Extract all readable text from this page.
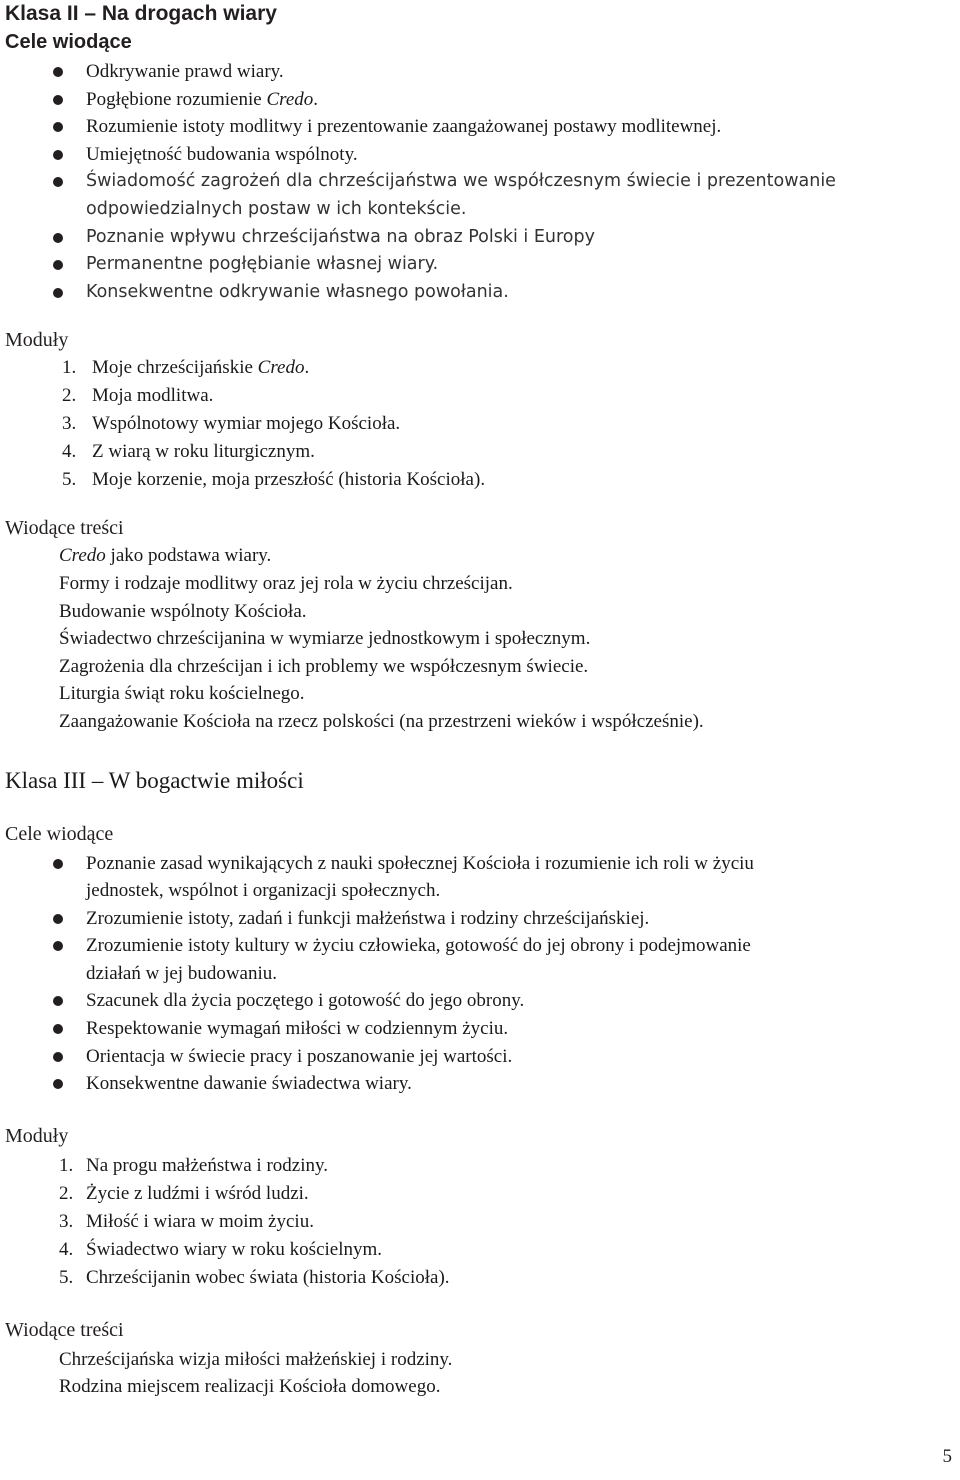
Klasa II – Na drogach wiary
Cele wiodące
Odkrywanie prawd wiary.
Pogłębione rozumienie Credo.
Rozumienie istoty modlitwy i prezentowanie zaangażowanej postawy modlitewnej.
Umiejętność budowania wspólnoty.
Świadomość zagrożeń dla chrześcijaństwa we współczesnym świecie i prezentowanie
odpowiedzialnych postaw w ich kontekście.
Poznanie wpływu chrześcijaństwa na obraz Polski i Europy
Permanentne pogłębianie własnej wiary.
Konsekwentne odkrywanie własnego powołania.
Moduły
1. Moje chrześcijańskie Credo.
2. Moja modlitwa.
3. Wspólnotowy wymiar mojego Kościoła.
4. Z wiarą w roku liturgicznym.
5. Moje korzenie, moja przeszłość (historia Kościoła).
Wiodące treści
Credo jako podstawa wiary.
Formy i rodzaje modlitwy oraz jej rola w życiu chrześcijan.
Budowanie wspólnoty Kościoła.
Świadectwo chrześcijanina w wymiarze jednostkowym i społecznym.
Zagrożenia dla chrześcijan i ich problemy we współczesnym świecie.
Liturgia świąt roku kościelnego.
Zaangażowanie Kościoła na rzecz polskości (na przestrzeni wieków i współcześnie).
Klasa III – W bogactwie miłości
Cele wiodące
Poznanie zasad wynikających z nauki społecznej Kościoła i rozumienie ich roli w życiu
jednostek, wspólnot i organizacji społecznych.
Zrozumienie istoty, zadań i funkcji małżeństwa i rodziny chrześcijańskiej.
Zrozumienie istoty kultury w życiu człowieka, gotowość do jej obrony i podejmowanie
działań w jej budowaniu.
Szacunek dla życia poczętego i gotowość do jego obrony.
Respektowanie wymagań miłości w codziennym życiu.
Orientacja w świecie pracy i poszanowanie jej wartości.
Konsekwentne dawanie świadectwa wiary.
Moduły
1. Na progu małżeństwa i rodziny.
2. Życie z ludźmi i wśród ludzi.
3. Miłość i wiara w moim życiu.
4. Świadectwo wiary w roku kościelnym.
5. Chrześcijanin wobec świata (historia Kościoła).
Wiodące treści
Chrześcijańska wizja miłości małżeńskiej i rodziny.
Rodzina miejscem realizacji Kościoła domowego.
5
